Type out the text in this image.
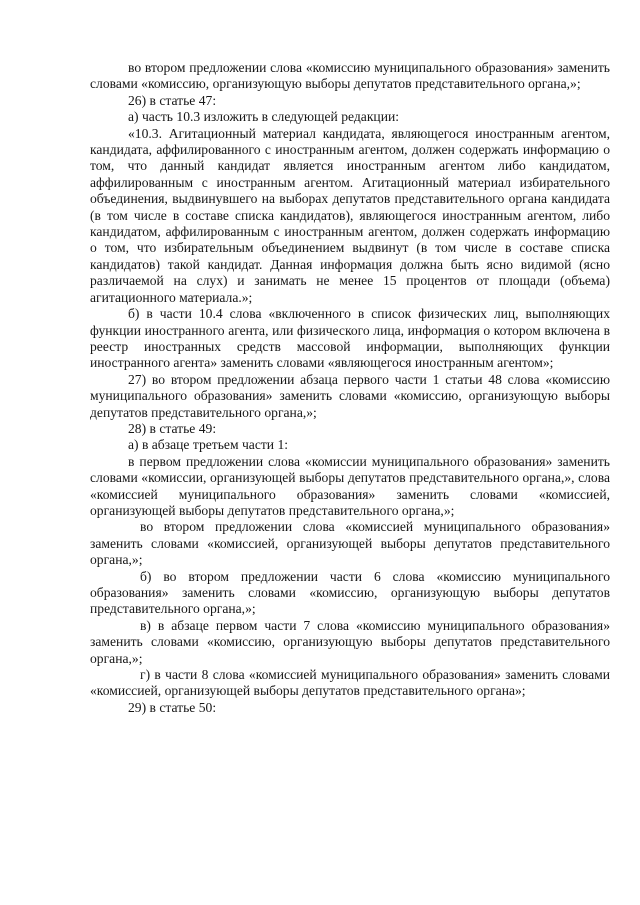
во втором предложении слова «комиссию муниципального образования» заменить словами «комиссию, организующую выборы депутатов представительного органа,»;

26) в статье 47:

а) часть 10.3 изложить в следующей редакции:

«10.3. Агитационный материал кандидата, являющегося иностранным агентом, кандидата, аффилированного с иностранным агентом, должен содержать информацию о том, что данный кандидат является иностранным агентом либо кандидатом, аффилированным с иностранным агентом. Агитационный материал избирательного объединения, выдвинувшего на выборах депутатов представительного органа кандидата (в том числе в составе списка кандидатов), являющегося иностранным агентом, либо кандидатом, аффилированным с иностранным агентом, должен содержать информацию о том, что избирательным объединением выдвинут (в том числе в составе списка кандидатов) такой кандидат. Данная информация должна быть ясно видимой (ясно различаемой на слух) и занимать не менее 15 процентов от площади (объема) агитационного материала.»;

б) в части 10.4 слова «включенного в список физических лиц, выполняющих функции иностранного агента, или физического лица, информация о котором включена в реестр иностранных средств массовой информации, выполняющих функции иностранного агента» заменить словами «являющегося иностранным агентом»;

27) во втором предложении абзаца первого части 1 статьи 48 слова «комиссию муниципального образования» заменить словами «комиссию, организующую выборы депутатов представительного органа,»;

28) в статье 49:

а) в абзаце третьем части 1:

в первом предложении слова «комиссии муниципального образования» заменить словами «комиссии, организующей выборы депутатов представительного органа,», слова «комиссией муниципального образования» заменить словами «комиссией, организующей выборы депутатов представительного органа,»;

во втором предложении слова «комиссией муниципального образования» заменить словами «комиссией, организующей выборы депутатов представительного органа,»;

б) во втором предложении части 6 слова «комиссию муниципального образования» заменить словами «комиссию, организующую выборы депутатов представительного органа,»;

в) в абзаце первом части 7 слова «комиссию муниципального образования» заменить словами «комиссию, организующую выборы депутатов представительного органа,»;

г) в части 8 слова «комиссией муниципального образования» заменить словами «комиссией, организующей выборы депутатов представительного органа»;

29) в статье 50:
